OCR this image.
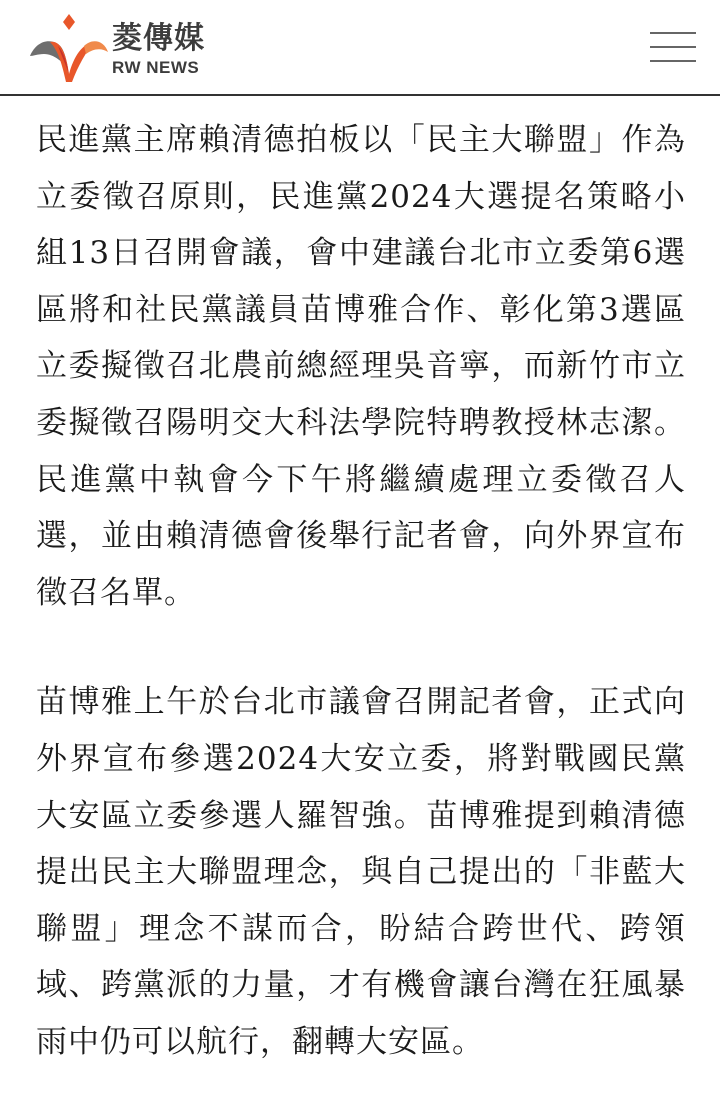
菱傳媒
RW NEWS

民進黨主席賴清德拍板以「民主大聯盟」作為立委徵召原則，民進黨2024大選提名策略小組13日召開會議，會中建議台北市立委第6選區將和社民黨議員苗博雅合作、彰化第3選區立委擬徵召北農前總經理吳音寧，而新竹市立委擬徵召陽明交大科法學院特聘教授林志潔。民進黨中執會今下午將繼續處理立委徵召人選，並由賴清德會後舉行記者會，向外界宣布徵召名單。

苗博雅上午於台北市議會召開記者會，正式向外界宣布參選2024大安立委，將對戰國民黨大安區立委參選人羅智強。苗博雅提到賴清德提出民主大聯盟理念，與自己提出的「非藍大聯盟」理念不謀而合，盼結合跨世代、跨領域、跨黨派的力量，才有機會讓台灣在狂風暴雨中仍可以航行，翻轉大安區。
